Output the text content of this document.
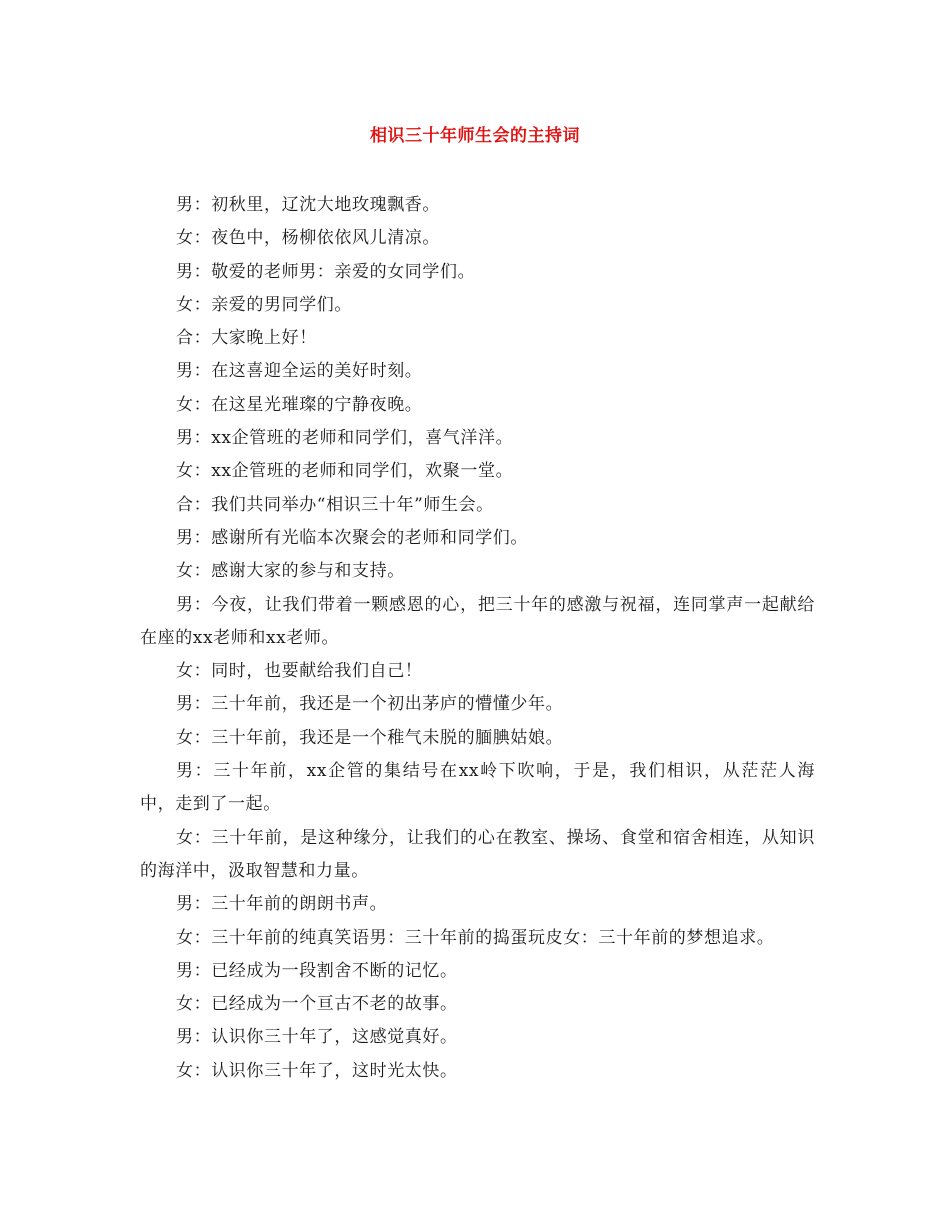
相识三十年师生会的主持词

男：初秋里，辽沈大地玫瑰飘香。

女：夜色中，杨柳依依风儿清凉。

男：敬爱的老师男：亲爱的女同学们。

女：亲爱的男同学们。

合：大家晚上好！

男：在这喜迎全运的美好时刻。

女：在这星光璀璨的宁静夜晚。

男：xx企管班的老师和同学们，喜气洋洋。

女：xx企管班的老师和同学们，欢聚一堂。

合：我们共同举办“相识三十年”师生会。

男：感谢所有光临本次聚会的老师和同学们。

女：感谢大家的参与和支持。

男：今夜，让我们带着一颗感恩的心，把三十年的感激与祝福，连同掌声一起献给在座的xx老师和xx老师。

女：同时，也要献给我们自己！

男：三十年前，我还是一个初出茅庐的懵懂少年。

女：三十年前，我还是一个稚气未脱的腼腆姑娘。

男：三十年前，xx企管的集结号在xx岭下吹响，于是，我们相识，从茫茫人海中，走到了一起。

女：三十年前，是这种缘分，让我们的心在教室、操场、食堂和宿舍相连，从知识的海洋中，汲取智慧和力量。

男：三十年前的朗朗书声。

女：三十年前的纯真笑语男：三十年前的捣蛋玩皮女：三十年前的梦想追求。

男：已经成为一段割舍不断的记忆。

女：已经成为一个亘古不老的故事。

男：认识你三十年了，这感觉真好。

女：认识你三十年了，这时光太快。
